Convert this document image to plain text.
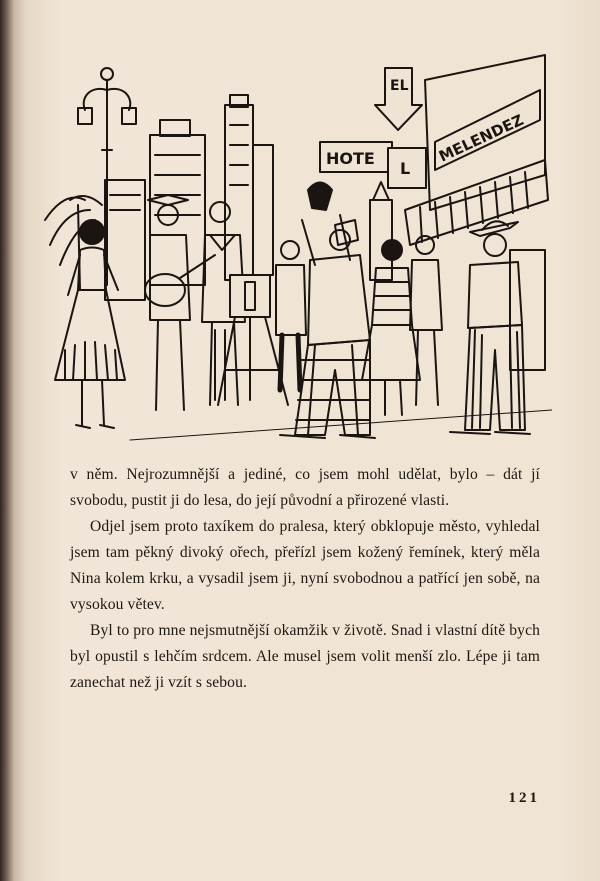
HOTE
L
EL
MELENDEZ

v něm. Nejrozumnější a jediné, co jsem mohl udělat, bylo – dát jí svobodu, pustit ji do lesa, do její původní a přirozené vlasti.

Odjel jsem proto taxíkem do pralesa, který obklopuje město, vyhledal jsem tam pěkný divoký ořech, přeřízl jsem kožený řemínek, který měla Nina kolem krku, a vysadil jsem ji, nyní svobodnou a patřící jen sobě, na vysokou větev.

Byl to pro mne nejsmutnější okamžik v životě. Snad i vlastní dítě bych byl opustil s lehčím srdcem. Ale musel jsem volit menší zlo. Lépe ji tam zanechat než ji vzít s sebou.

121
